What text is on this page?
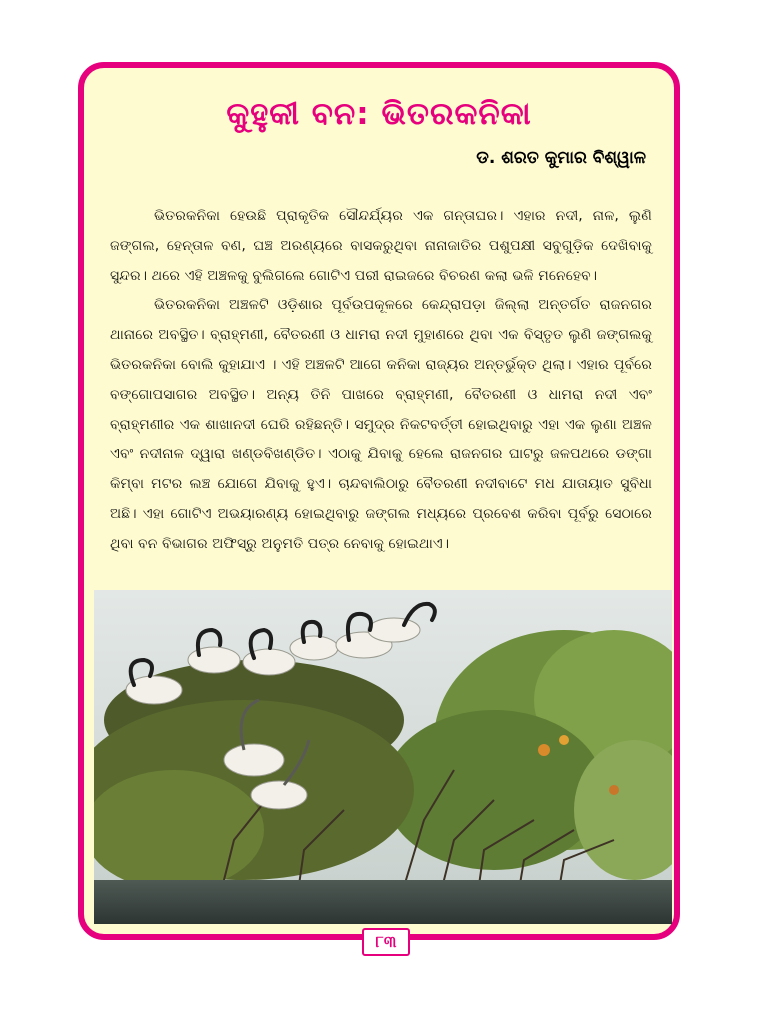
କୁହୁକୀ ବନ: ଭିତରକନିକା
ଡ. ଶରତ କୁମାର ବିଶ୍ୱାଳ

ଭିତରକନିକା ହେଉଛି ପ୍ରାକୃତିକ ସୌନ୍ଦର୍ଯ୍ୟର ଏକ ଗନ୍ତାଘର। ଏହାର ନଦୀ, ନାଳ, ଲୁଣି ଜଙ୍ଗଲ, ହେନ୍ତାଳ ବଣ, ଘଞ୍ଚ ଅରଣ୍ୟରେ ବାସକରୁଥିବା ନାନାଜାତିର ପଶୁପକ୍ଷୀ ସବୁଗୁଡ଼ିକ ଦେଖିବାକୁ ସୁନ୍ଦର। ଥରେ ଏହି ଅଞ୍ଚଳକୁ ବୁଲିଗଲେ ଗୋଟିଏ ପରୀ ରାଇଜରେ ବିଚରଣ କଲା ଭଳି ମନେହେବ।

ଭିତରକନିକା ଅଞ୍ଚଳଟି ଓଡ଼ିଶାର ପୂର୍ବଉପକୂଳରେ କେନ୍ଦ୍ରାପଡ଼ା ଜିଲ୍ଲା ଅନ୍ତର୍ଗତ ରାଜନଗର ଥାନାରେ ଅବସ୍ଥିତ। ବ୍ରାହ୍ମଣୀ, ବୈତରଣୀ ଓ ଧାମରା ନଦୀ ମୁହାଣରେ ଥିବା ଏକ ବିସ୍ତୃତ ଲୁଣି ଜଙ୍ଗଲକୁ ଭିତରକନିକା ବୋଲି କୁହାଯାଏ । ଏହି ଅଞ୍ଚଳଟି ଆଗେ କନିକା ରାଜ୍ୟର ଅନ୍ତର୍ଭୁକ୍ତ ଥିଲା। ଏହାର ପୂର୍ବରେ ବଙ୍ଗୋପସାଗର ଅବସ୍ଥିତ। ଅନ୍ୟ ତିନି ପାଖରେ ବ୍ରାହ୍ମଣୀ, ବୈତରଣୀ ଓ ଧାମରା ନଦୀ ଏବଂ ବ୍ରାହ୍ମଣୀର ଏକ ଶାଖାନଦୀ ଘେରି ରହିଛନ୍ତି। ସମୁଦ୍ର ନିକଟବର୍ତ୍ତୀ ହୋଇଥିବାରୁ ଏହା ଏକ ଲୁଣା ଅଞ୍ଚଳ ଏବଂ ନଦୀନାଳ ଦ୍ୱାରା ଖଣ୍ଡବିଖଣ୍ଡିତ। ଏଠାକୁ ଯିବାକୁ ହେଲେ ରାଜନଗର ଘାଟରୁ ଜଳପଥରେ ଡଙ୍ଗା କିମ୍ବା ମଟର ଲଞ୍ଚ ଯୋଗେ ଯିବାକୁ ହୁଏ। ଚାନ୍ଦବାଲିଠାରୁ ବୈତରଣୀ ନଦୀବାଟେ ମଧ ଯାତାୟାତ ସୁବିଧା ଅଛି। ଏହା ଗୋଟିଏ ଅଭୟାରଣ୍ୟ ହୋଇଥିବାରୁ ଜଙ୍ଗଲ ମଧ୍ୟରେ ପ୍ରବେଶ କରିବା ପୂର୍ବରୁ ସେଠାରେ ଥିବା ବନ ବିଭାଗର ଅଫିସ୍‌ରୁ ଅନୁମତି ପତ୍ର ନେବାକୁ ହୋଇଥାଏ।

୮୩
